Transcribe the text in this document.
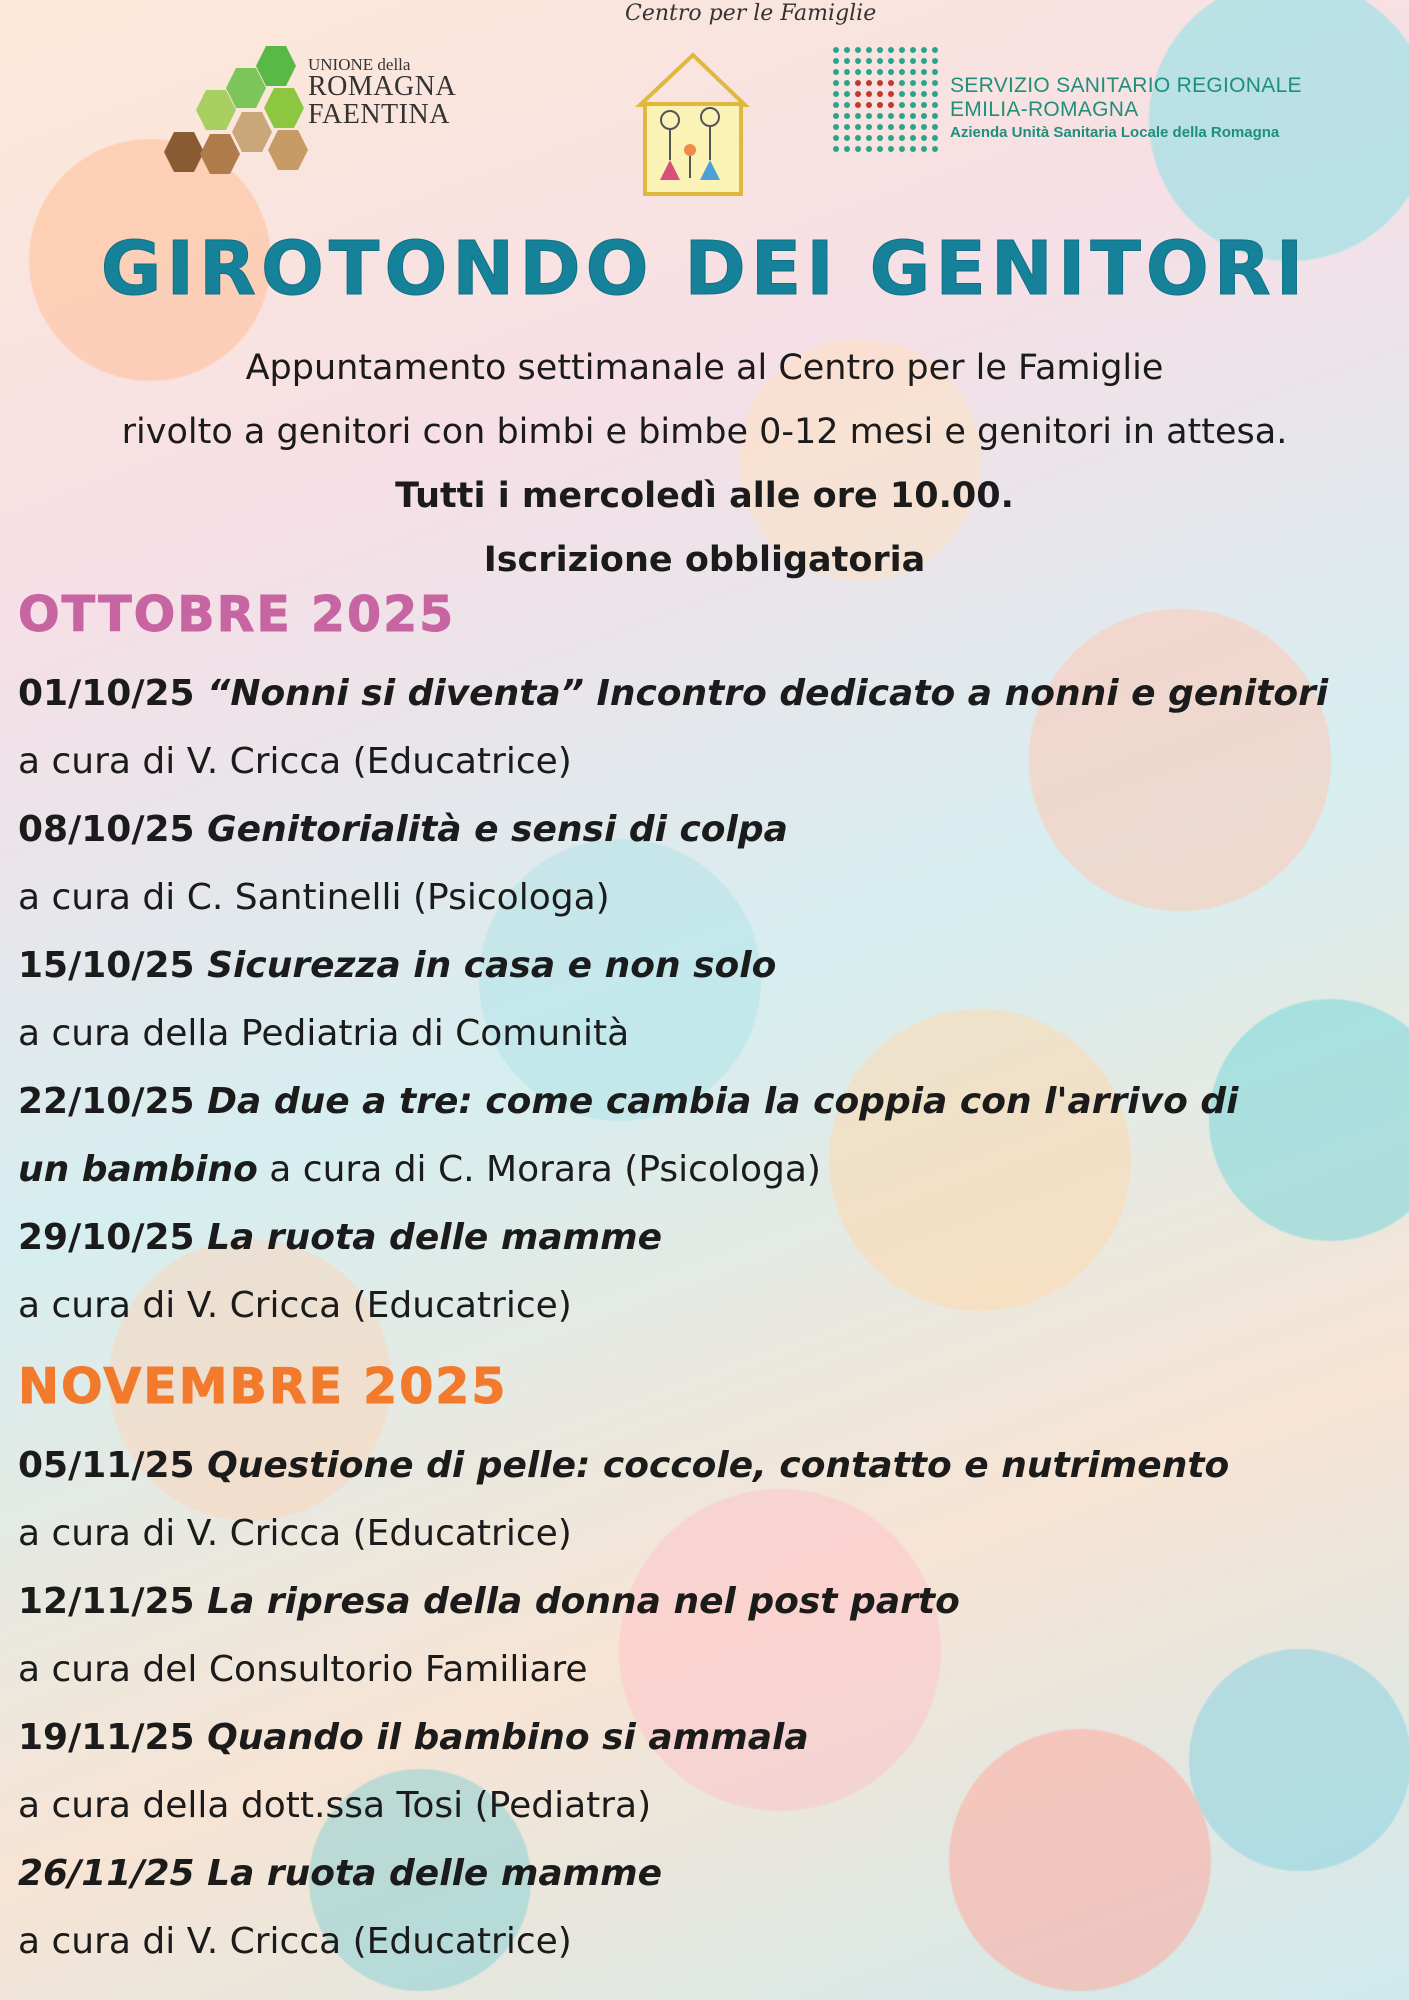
UNIONE della
ROMAGNA
FAENTINA
Centro per le Famiglie
SERVIZIO SANITARIO REGIONALE
EMILIA-ROMAGNA
Azienda Unità Sanitaria Locale della Romagna
GIROTONDO DEI GENITORI
Appuntamento settimanale al Centro per le Famiglie
rivolto a genitori con bimbi e bimbe 0-12 mesi e genitori in attesa.
Tutti i mercoledì alle ore 10.00.
Iscrizione obbligatoria
OTTOBRE 2025
01/10/25 “Nonni si diventa” Incontro dedicato a nonni e genitori
a cura di V. Cricca (Educatrice)
08/10/25 Genitorialità e sensi di colpa
a cura di C. Santinelli (Psicologa)
15/10/25 Sicurezza in casa e non solo
a cura della Pediatria di Comunità
22/10/25 Da due a tre: come cambia la coppia con l'arrivo di
un bambino a cura di C. Morara (Psicologa)
29/10/25 La ruota delle mamme
a cura di V. Cricca (Educatrice)
NOVEMBRE 2025
05/11/25 Questione di pelle: coccole, contatto e nutrimento
a cura di V. Cricca (Educatrice)
12/11/25 La ripresa della donna nel post parto
a cura del Consultorio Familiare
19/11/25 Quando il bambino si ammala
a cura della dott.ssa Tosi (Pediatra)
26/11/25 La ruota delle mamme
a cura di V. Cricca (Educatrice)
